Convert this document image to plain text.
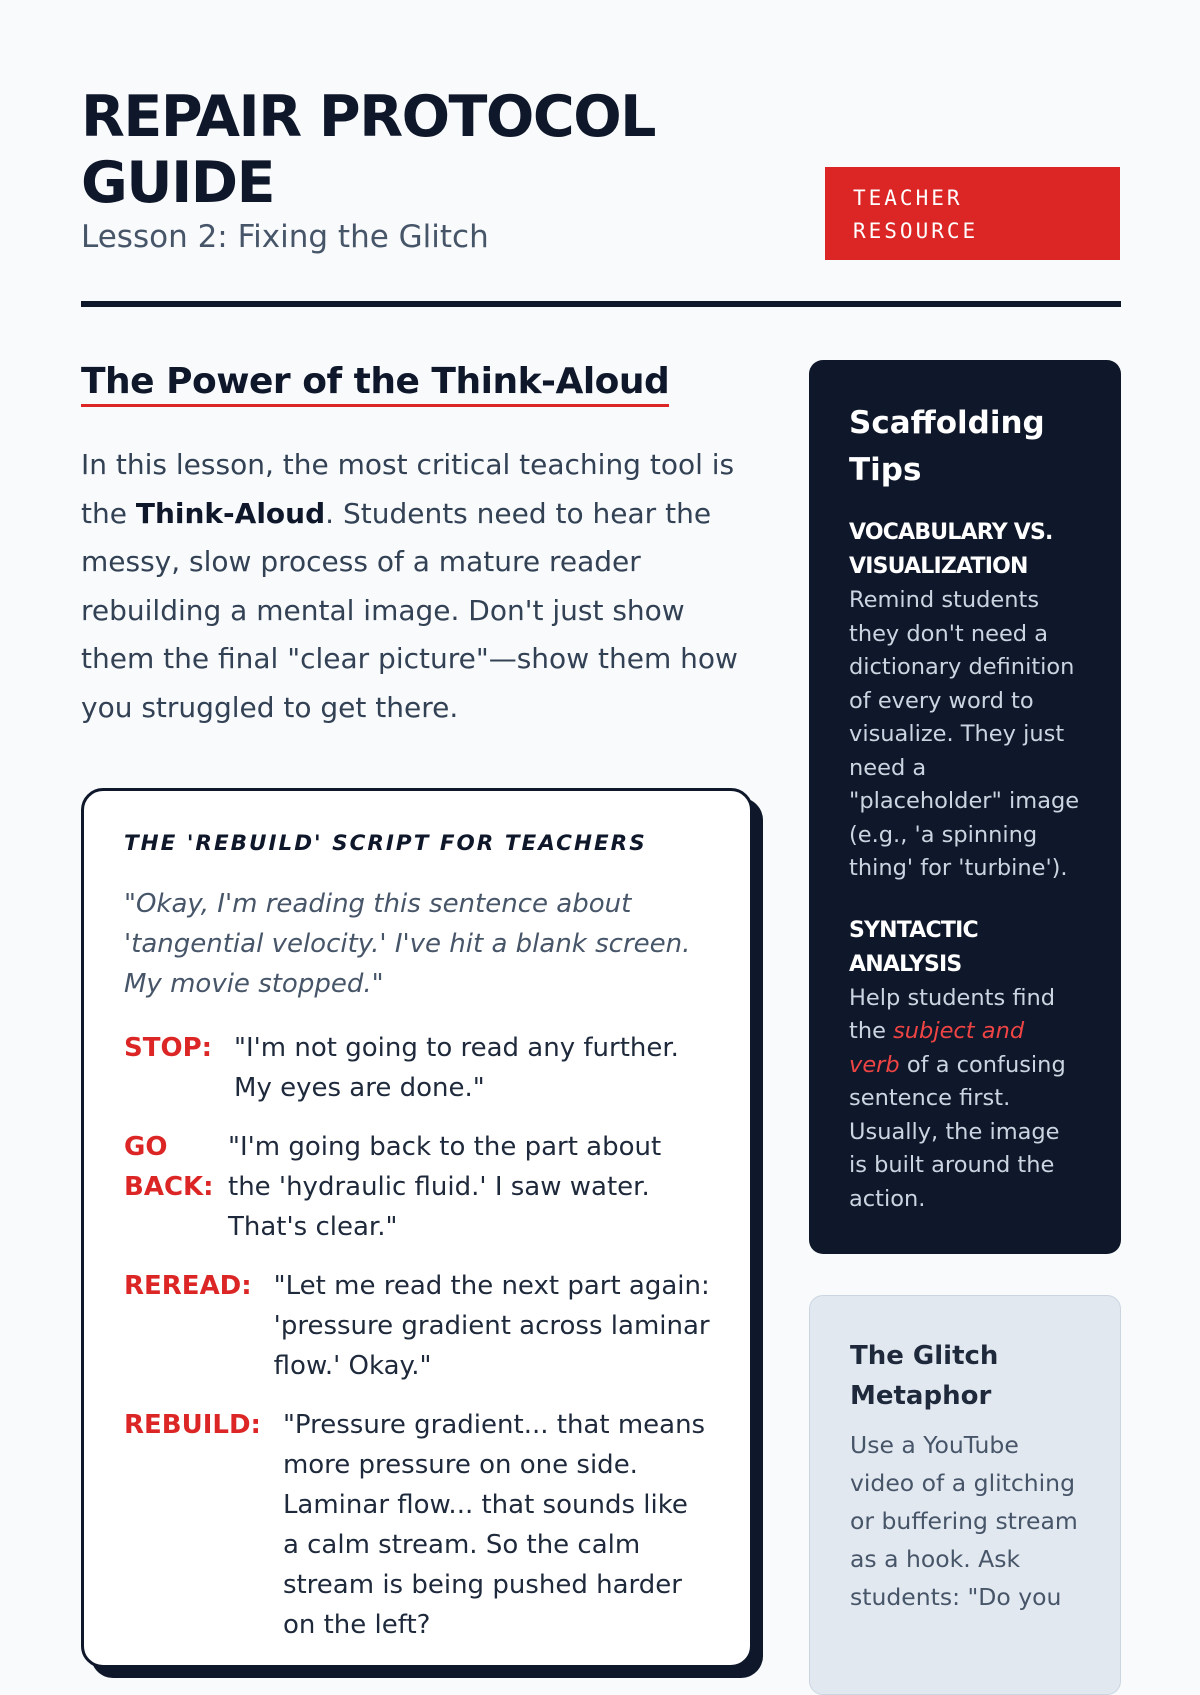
REPAIR PROTOCOL
GUIDE
Lesson 2: Fixing the Glitch
TEACHER
RESOURCE
The Power of the Think-Aloud
In this lesson, the most critical teaching tool is the Think-Aloud. Students need to hear the messy, slow process of a mature reader rebuilding a mental image. Don't just show them the final "clear picture"—show them how you struggled to get there.
THE 'REBUILD' SCRIPT FOR TEACHERS
"Okay, I'm reading this sentence about 'tangential velocity.' I've hit a blank screen. My movie stopped."
STOP: "I'm not going to read any further. My eyes are done."
GO BACK:
"I'm going back to the part about the 'hydraulic fluid.' I saw water. That's clear."
REREAD: "Let me read the next part again: 'pressure gradient across laminar flow.' Okay."
REBUILD: "Pressure gradient... that means more pressure on one side. Laminar flow... that sounds like a calm stream. So the calm stream is being pushed harder on the left?
Scaffolding Tips
VOCABULARY VS. VISUALIZATION
Remind students they don't need a dictionary definition of every word to visualize. They just need a "placeholder" image (e.g., 'a spinning thing' for 'turbine').
SYNTACTIC ANALYSIS
Help students find the subject and verb of a confusing sentence first. Usually, the image is built around the action.
The Glitch Metaphor
Use a YouTube video of a glitching or buffering stream as a hook. Ask students: "Do you
